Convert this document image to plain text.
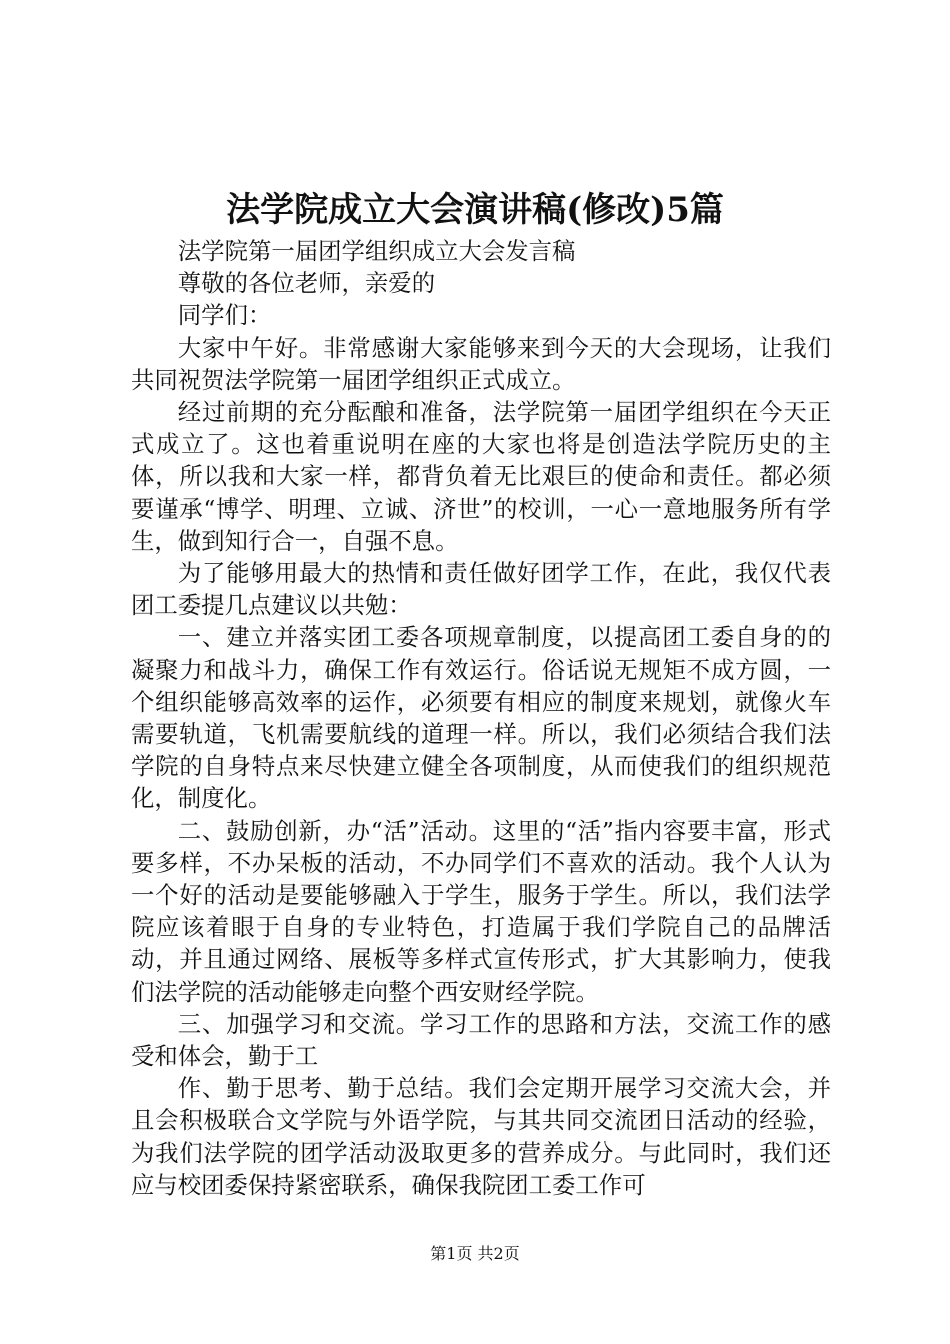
法学院成立大会演讲稿(修改)5篇

法学院第一届团学组织成立大会发言稿

尊敬的各位老师，亲爱的

同学们：

大家中午好。非常感谢大家能够来到今天的大会现场，让我们共同祝贺法学院第一届团学组织正式成立。

经过前期的充分酝酿和准备，法学院第一届团学组织在今天正式成立了。这也着重说明在座的大家也将是创造法学院历史的主体，所以我和大家一样，都背负着无比艰巨的使命和责任。都必须要谨承“博学、明理、立诚、济世”的校训，一心一意地服务所有学生，做到知行合一，自强不息。

为了能够用最大的热情和责任做好团学工作，在此，我仅代表团工委提几点建议以共勉：

一、建立并落实团工委各项规章制度，以提高团工委自身的的凝聚力和战斗力，确保工作有效运行。俗话说无规矩不成方圆，一个组织能够高效率的运作，必须要有相应的制度来规划，就像火车需要轨道，飞机需要航线的道理一样。所以，我们必须结合我们法学院的自身特点来尽快建立健全各项制度，从而使我们的组织规范化，制度化。

二、鼓励创新，办“活”活动。这里的“活”指内容要丰富，形式要多样，不办呆板的活动，不办同学们不喜欢的活动。我个人认为一个好的活动是要能够融入于学生，服务于学生。所以，我们法学院应该着眼于自身的专业特色，打造属于我们学院自己的品牌活动，并且通过网络、展板等多样式宣传形式，扩大其影响力，使我们法学院的活动能够走向整个西安财经学院。

三、加强学习和交流。学习工作的思路和方法，交流工作的感受和体会，勤于工

作、勤于思考、勤于总结。我们会定期开展学习交流大会，并且会积极联合文学院与外语学院，与其共同交流团日活动的经验，为我们法学院的团学活动汲取更多的营养成分。与此同时，我们还应与校团委保持紧密联系，确保我院团工委工作可

第1页 共2页
